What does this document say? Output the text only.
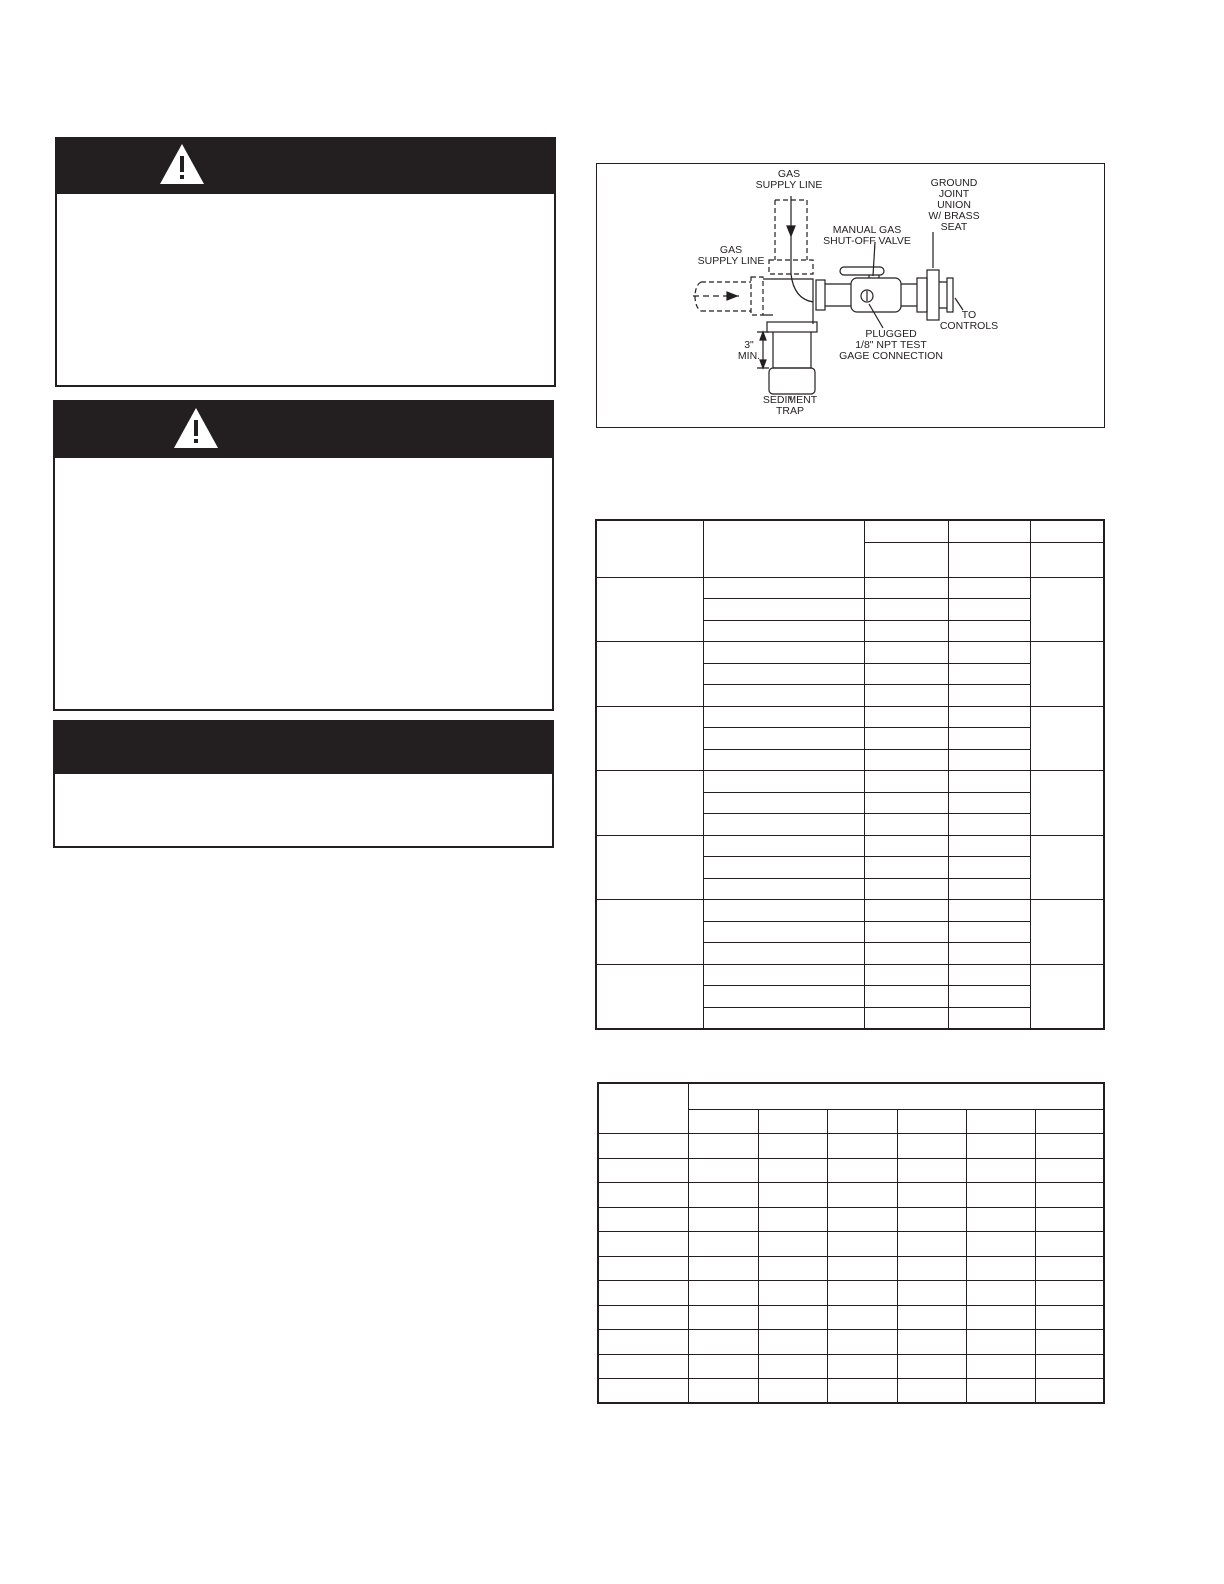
GAS
SUPPLY LINE
GAS
SUPPLY LINE
MANUAL GAS
SHUT-OFF VALVE
GROUND
JOINT
UNION
W/ BRASS
SEAT
TO
CONTROLS
PLUGGED
1/8" NPT TEST
GAGE CONNECTION
3"
MIN.
SEDIMENT
TRAP
